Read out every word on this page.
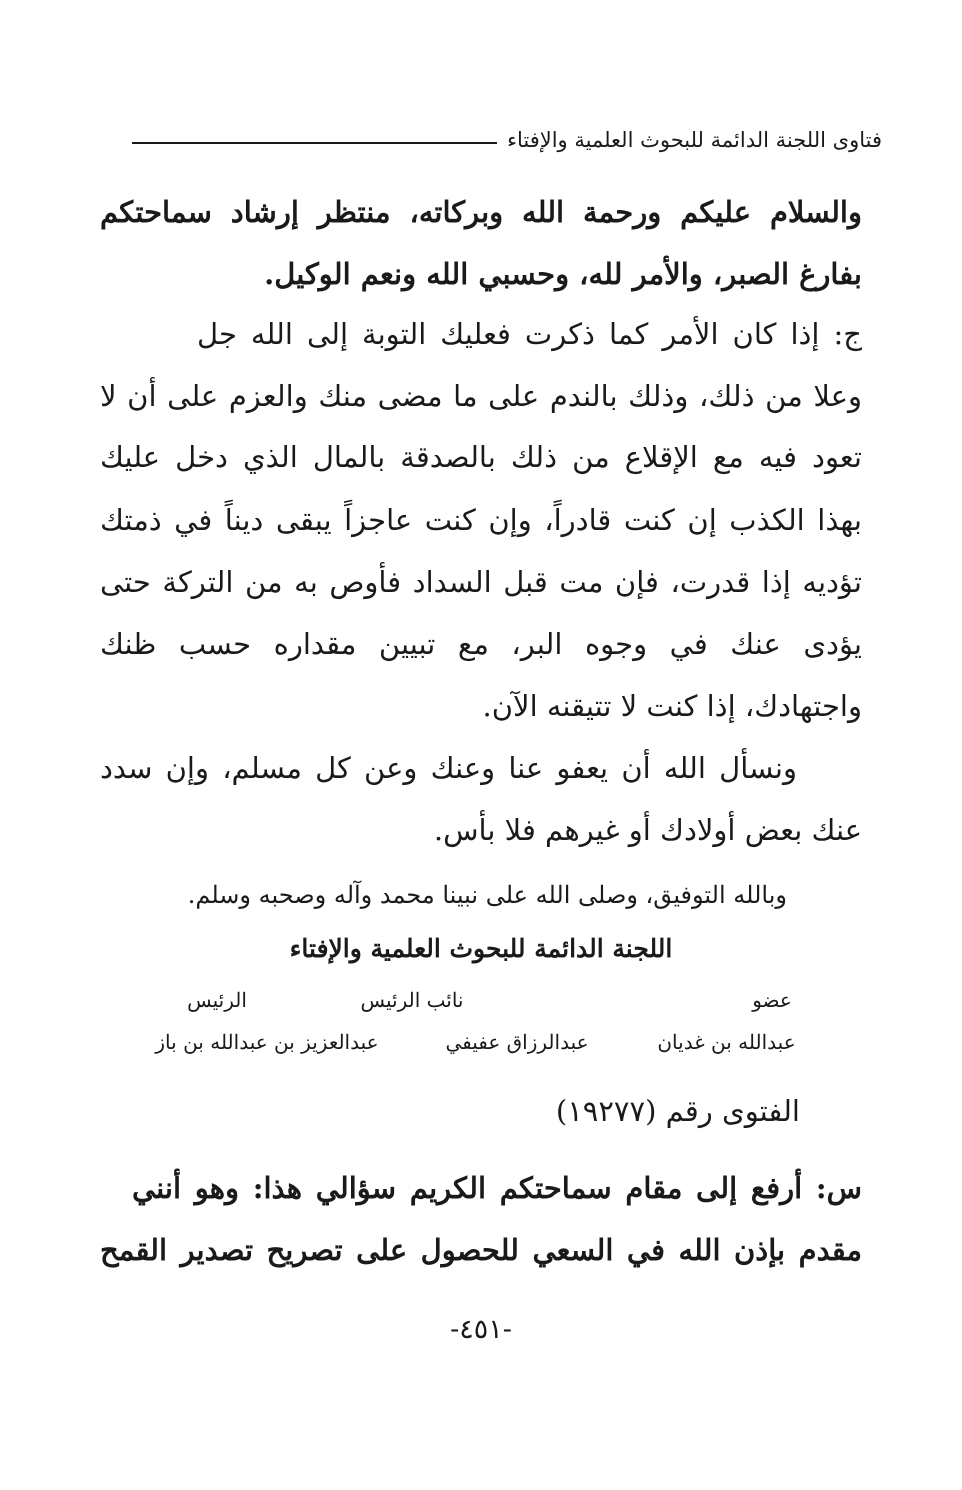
فتاوى اللجنة الدائمة للبحوث العلمية والإفتاء
والسلام عليكم ورحمة الله وبركاته، منتظر إرشاد سماحتكم
بفارغ الصبر، والأمر لله، وحسبي الله ونعم الوكيل.
ج: إذا كان الأمر كما ذكرت فعليك التوبة إلى الله جل
وعلا من ذلك، وذلك بالندم على ما مضى منك والعزم على أن لا
تعود فيه مع الإقلاع من ذلك بالصدقة بالمال الذي دخل عليك
بهذا الكذب إن كنت قادراً، وإن كنت عاجزاً يبقى ديناً في ذمتك
تؤديه إذا قدرت، فإن مت قبل السداد فأوص به من التركة حتى
يؤدى عنك في وجوه البر، مع تبيين مقداره حسب ظنك
واجتهادك، إذا كنت لا تتيقنه الآن.
ونسأل الله أن يعفو عنا وعنك وعن كل مسلم، وإن سدد
عنك بعض أولادك أو غيرهم فلا بأس.
وبالله التوفيق، وصلى الله على نبينا محمد وآله وصحبه وسلم.
اللجنة الدائمة للبحوث العلمية والإفتاء
الرئيس
عبدالعزيز بن عبدالله بن باز
نائب الرئيس
عبدالرزاق عفيفي
عضو
عبدالله بن غديان
الفتوى رقم (١٩٢٧٧)
س: أرفع إلى مقام سماحتكم الكريم سؤالي هذا: وهو أنني
مقدم بإذن الله في السعي للحصول على تصريح تصدير القمح
-٤٥١-
